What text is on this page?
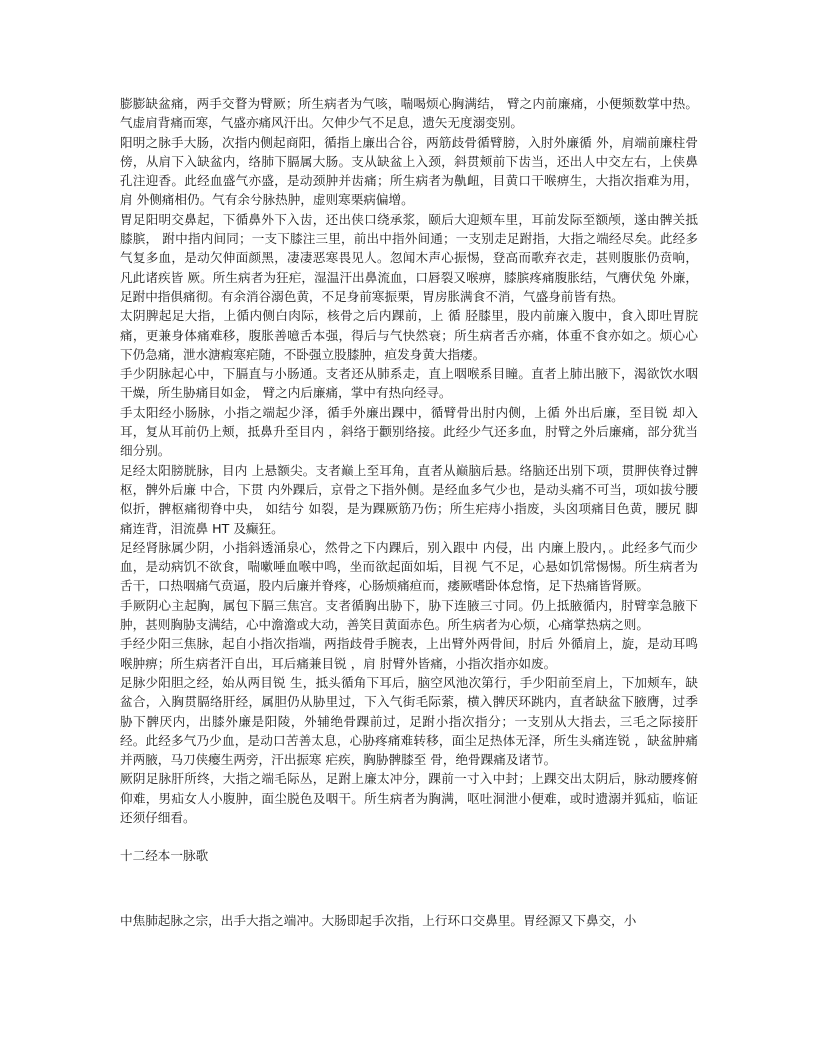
膨膨缺盆痛，两手交瞀为臂厥；所生病者为气咳，喘喝烦心胸满结， 臂之内前廉痛，小便频数掌中热。气虚肩背痛而寒，气盛亦痛风汗出。欠伸少气不足息，遗矢无度溺变别。

阳明之脉手大肠，次指内侧起商阳，循指上廉出合谷，两筋歧骨循臂膀，入肘外廉循 外，肩端前廉柱骨傍，从肩下入缺盆内，络肺下膈属大肠。支从缺盆上入颈，斜贯颊前下齿当，还出人中交左右，上侠鼻孔注迎香。此经血盛气亦盛，是动颈肿并齿痛；所生病者为鼽衄，目黄口干喉痹生，大指次指难为用，肩 外侧痛相仍。气有余兮脉热肿，虚则寒栗病偏增。

胃足阳明交鼻起，下循鼻外下入齿，还出侠口绕承浆，颐后大迎颊车里，耳前发际至额颅，遂由髀关抵膝膑， 跗中指内间同；一支下膝注三里，前出中指外间通；一支别走足跗指，大指之端经尽矣。此经多气复多血，是动欠伸面颜黑，凄凄恶寒畏见人。忽闻木声心振惕，登高而歌弃衣走，甚则腹胀仍贲响，凡此诸疾皆 厥。所生病者为狂疟，湿温汗出鼻流血，口唇裂又喉痹，膝膑疼痛腹胀结，气膺伏兔 外廉，足跗中指俱痛彻。有余消谷溺色黄，不足身前寒振栗，胃房胀满食不消，气盛身前皆有热。

太阴脾起足大指，上循内侧白肉际，核骨之后内踝前，上 循 胫膝里，股内前廉入腹中，食入即吐胃脘痛，更兼身体痛难移，腹胀善噫舌本强，得后与气快然衰；所生病者舌亦痛，体重不食亦如之。烦心心下仍急痛，泄水溏瘕寒疟随，不卧强立股膝肿，疸发身黄大指痿。

手少阴脉起心中，下膈直与小肠通。支者还从肺系走，直上咽喉系目瞳。直者上肺出腋下，渴欲饮水咽干燥，所生胁痛目如金， 臂之内后廉痛，掌中有热向经寻。

手太阳经小肠脉，小指之端起少泽，循手外廉出踝中，循臂骨出肘内侧，上循 外出后廉，至目锐 却入耳，复从耳前仍上颊，抵鼻升至目内 ，斜络于颧别络接。此经少气还多血，肘臂之外后廉痛，部分犹当细分别。

足经太阳膀胱脉，目内 上悬额尖。支者巅上至耳角，直者从巅脑后悬。络脑还出别下项，贯胛侠脊过髀枢，髀外后廉 中合，下贯 内外踝后，京骨之下指外侧。是经血多气少也，是动头痛不可当，项如拔兮腰似折，髀枢痛彻脊中央， 如结兮 如裂，是为踝厥筋乃伤；所生疟痔小指废，头囟项痛目色黄，腰尻 脚痛连背，泪流鼻 HT 及癫狂。

足经肾脉属少阴，小指斜透涌泉心，然骨之下内踝后，别入跟中 内侵，出 内廉上股内，。此经多气而少血，是动病饥不欲食，喘嗽唾血喉中鸣，坐而欲起面如垢，目视 气不足，心悬如饥常惕惕。所生病者为舌干，口热咽痛气贲逼，股内后廉并脊疼，心肠烦痛疸而，痿厥嗜卧体怠惰，足下热痛皆肾厥。

手厥阴心主起胸，属包下膈三焦宫。支者循胸出胁下，胁下连腋三寸同。仍上抵腋循内，肘臂挛急腋下肿，甚则胸胁支满结，心中澹澹或大动，善笑目黄面赤色。所生病者为心烦，心痛掌热病之则。

手经少阳三焦脉，起自小指次指端，两指歧骨手腕表，上出臂外两骨间，肘后 外循肩上，旋，是动耳鸣喉肿痹；所生病者汗自出，耳后痛兼目锐 ，肩 肘臂外皆痛，小指次指亦如废。

足脉少阳胆之经，始从两目锐 生，抵头循角下耳后，脑空风池次第行，手少阳前至肩上，下加颊车，缺盆合，入胸贯膈络肝经，属胆仍从胁里过，下入气街毛际萦，横入髀厌环跳内，直者缺盆下腋膺，过季胁下髀厌内，出膝外廉是阳陵，外辅绝骨踝前过，足跗小指次指分；一支别从大指去，三毛之际接肝经。此经多气乃少血，是动口苦善太息，心胁疼痛难转移，面尘足热体无泽，所生头痛连锐 ，缺盆肿痛并两腋，马刀侠瘿生两旁，汗出振寒 疟疾，胸胁髀膝至 骨，绝骨踝痛及诸节。

厥阴足脉肝所终，大指之端毛际丛，足跗上廉太冲分，踝前一寸入中封；上踝交出太阴后，脉动腰疼俯仰难，男疝女人小腹肿，面尘脱色及咽干。所生病者为胸满，呕吐洞泄小便难，或时遗溺并狐疝，临证还须仔细看。

十二经本一脉歌

中焦肺起脉之宗，出手大指之端冲。大肠即起手次指，上行环口交鼻里。胃经源又下鼻交，小
